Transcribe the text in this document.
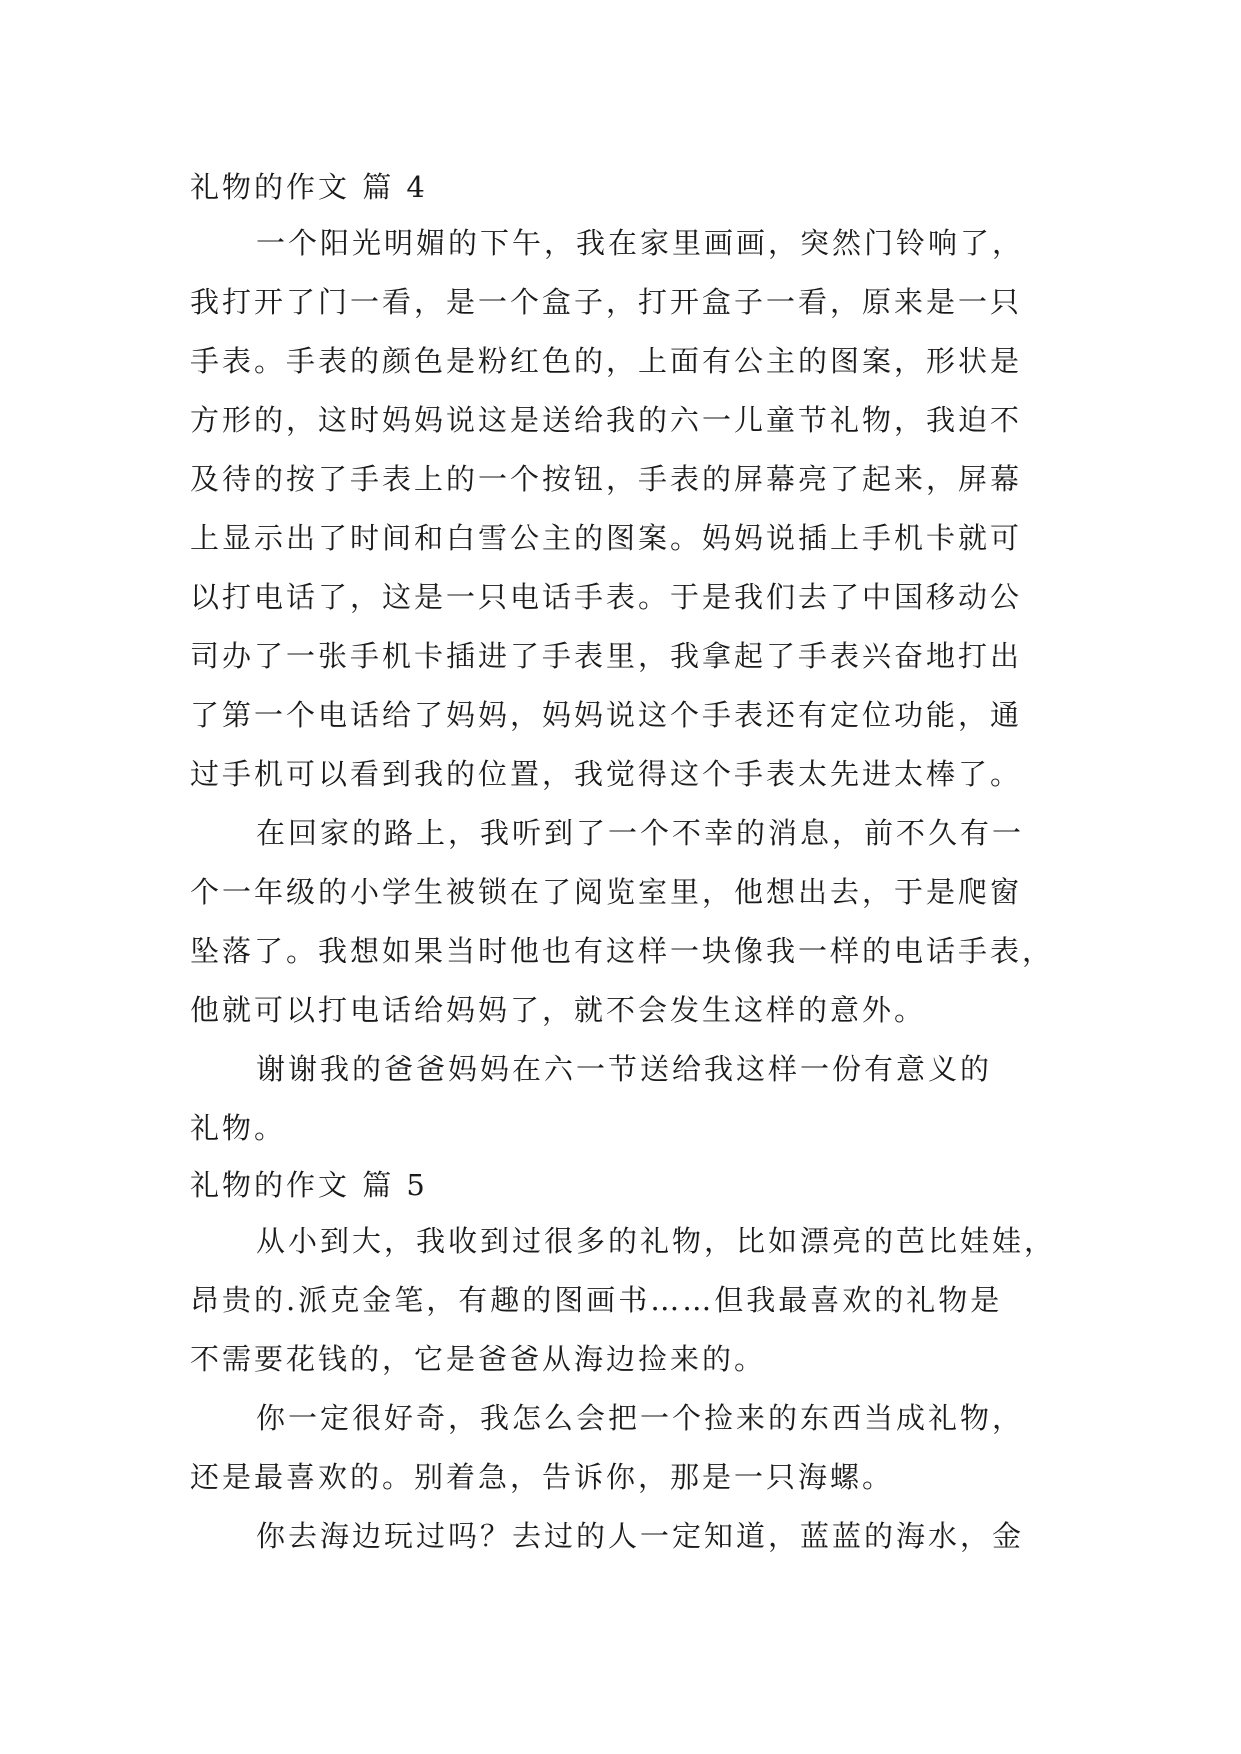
礼物的作文 篇 4
一个阳光明媚的下午，我在家里画画，突然门铃响了，
我打开了门一看，是一个盒子，打开盒子一看，原来是一只
手表。手表的颜色是粉红色的，上面有公主的图案，形状是
方形的，这时妈妈说这是送给我的六一儿童节礼物，我迫不
及待的按了手表上的一个按钮，手表的屏幕亮了起来，屏幕
上显示出了时间和白雪公主的图案。妈妈说插上手机卡就可
以打电话了，这是一只电话手表。于是我们去了中国移动公
司办了一张手机卡插进了手表里，我拿起了手表兴奋地打出
了第一个电话给了妈妈，妈妈说这个手表还有定位功能，通
过手机可以看到我的位置，我觉得这个手表太先进太棒了。
在回家的路上，我听到了一个不幸的消息，前不久有一
个一年级的小学生被锁在了阅览室里，他想出去，于是爬窗
坠落了。我想如果当时他也有这样一块像我一样的电话手表，
他就可以打电话给妈妈了，就不会发生这样的意外。
谢谢我的爸爸妈妈在六一节送给我这样一份有意义的
礼物。
礼物的作文 篇 5
从小到大，我收到过很多的礼物，比如漂亮的芭比娃娃，
昂贵的.派克金笔，有趣的图画书……但我最喜欢的礼物是
不需要花钱的，它是爸爸从海边捡来的。
你一定很好奇，我怎么会把一个捡来的东西当成礼物，
还是最喜欢的。别着急，告诉你，那是一只海螺。
你去海边玩过吗？去过的人一定知道，蓝蓝的海水，金
